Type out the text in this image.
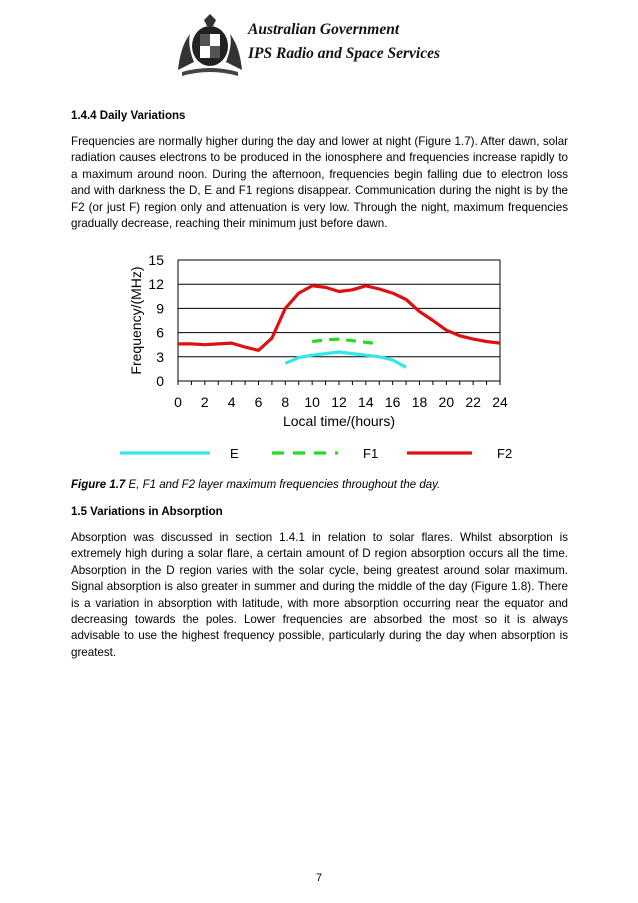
Australian Government
IPS Radio and Space Services
1.4.4 Daily Variations
Frequencies are normally higher during the day and lower at night (Figure 1.7). After dawn, solar radiation causes electrons to be produced in the ionosphere and frequencies increase rapidly to a maximum around noon. During the afternoon, frequencies begin falling due to electron loss and with darkness the D, E and F1 regions disappear. Communication during the night is by the F2 (or just F) region only and attenuation is very low. Through the night, maximum frequencies gradually decrease, reaching their minimum just before dawn.
0
3
6
9
12
15
0 2 4 6 8 10 12 14 16 18 20 22 24
Local time/(hours)
Frequency/(MHz)
E	F1	F2
Figure 1.7 E, F1 and F2 layer maximum frequencies throughout the day.
1.5 Variations in Absorption
Absorption was discussed in section 1.4.1 in relation to solar flares. Whilst absorption is extremely high during a solar flare, a certain amount of D region absorption occurs all the time. Absorption in the D region varies with the solar cycle, being greatest around solar maximum. Signal absorption is also greater in summer and during the middle of the day (Figure 1.8). There is a variation in absorption with latitude, with more absorption occurring near the equator and decreasing towards the poles. Lower frequencies are absorbed the most so it is always advisable to use the highest frequency possible, particularly during the day when absorption is greatest.
7
